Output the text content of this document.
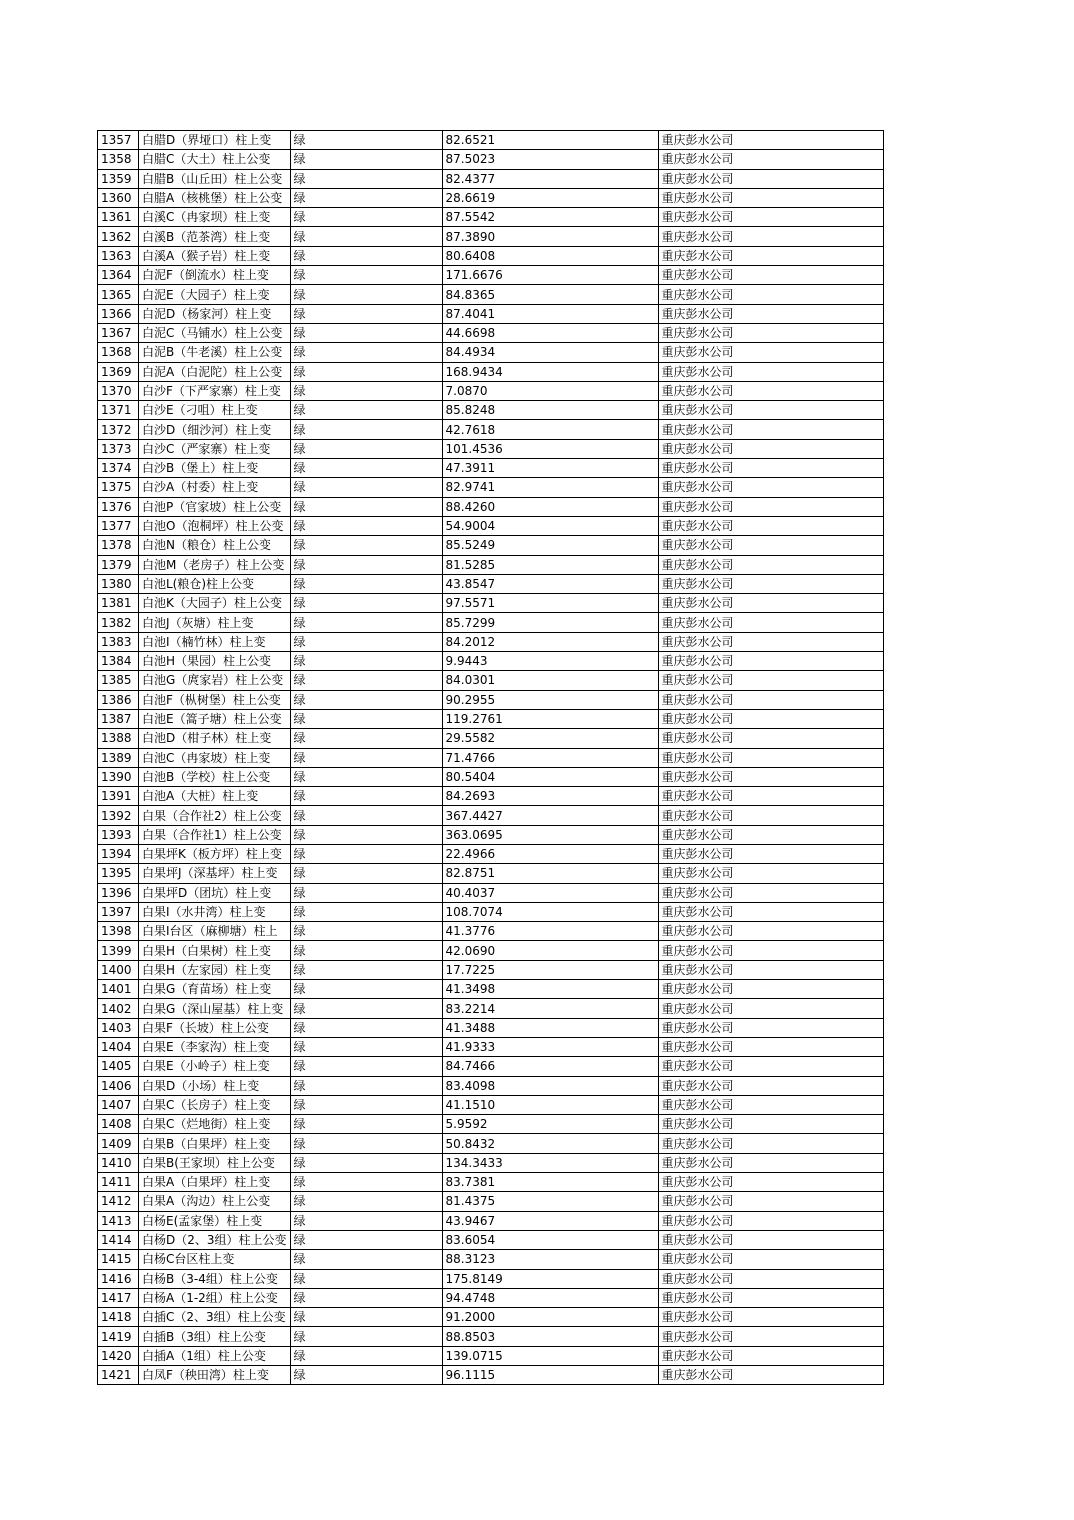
1357	白腊D（界垭口）柱上变	绿	82.6521	重庆彭水公司
1358	白腊C（大土）柱上公变	绿	87.5023	重庆彭水公司
1359	白腊B（山丘田）柱上公变	绿	82.4377	重庆彭水公司
1360	白腊A（核桃堡）柱上公变	绿	28.6619	重庆彭水公司
1361	白溪C（冉家坝）柱上变	绿	87.5542	重庆彭水公司
1362	白溪B（范茶湾）柱上变	绿	87.3890	重庆彭水公司
1363	白溪A（猴子岩）柱上变	绿	80.6408	重庆彭水公司
1364	白泥F（倒流水）柱上变	绿	171.6676	重庆彭水公司
1365	白泥E（大园子）柱上变	绿	84.8365	重庆彭水公司
1366	白泥D（杨家河）柱上变	绿	87.4041	重庆彭水公司
1367	白泥C（马铺水）柱上公变	绿	44.6698	重庆彭水公司
1368	白泥B（牛老溪）柱上公变	绿	84.4934	重庆彭水公司
1369	白泥A（白泥陀）柱上公变	绿	168.9434	重庆彭水公司
1370	白沙F（下严家寨）柱上变	绿	7.0870	重庆彭水公司
1371	白沙E（刁咀）柱上变	绿	85.8248	重庆彭水公司
1372	白沙D（细沙河）柱上变	绿	42.7618	重庆彭水公司
1373	白沙C（严家寨）柱上变	绿	101.4536	重庆彭水公司
1374	白沙B（堡上）柱上变	绿	47.3911	重庆彭水公司
1375	白沙A（村委）柱上变	绿	82.9741	重庆彭水公司
1376	白池P（官家坡）柱上公变	绿	88.4260	重庆彭水公司
1377	白池O（泡桐坪）柱上公变	绿	54.9004	重庆彭水公司
1378	白池N（粮仓）柱上公变	绿	85.5249	重庆彭水公司
1379	白池M（老房子）柱上公变	绿	81.5285	重庆彭水公司
1380	白池L(粮仓)柱上公变	绿	43.8547	重庆彭水公司
1381	白池K（大园子）柱上公变	绿	97.5571	重庆彭水公司
1382	白池J（灰塘）柱上变	绿	85.7299	重庆彭水公司
1383	白池I（楠竹林）柱上变	绿	84.2012	重庆彭水公司
1384	白池H（果园）柱上公变	绿	9.9443	重庆彭水公司
1385	白池G（庹家岩）柱上公变	绿	84.0301	重庆彭水公司
1386	白池F（枞树堡）柱上公变	绿	90.2955	重庆彭水公司
1387	白池E（篙子塘）柱上公变	绿	119.2761	重庆彭水公司
1388	白池D（柑子林）柱上变	绿	29.5582	重庆彭水公司
1389	白池C（冉家坡）柱上变	绿	71.4766	重庆彭水公司
1390	白池B（学校）柱上公变	绿	80.5404	重庆彭水公司
1391	白池A（大桩）柱上变	绿	84.2693	重庆彭水公司
1392	白果（合作社2）柱上公变	绿	367.4427	重庆彭水公司
1393	白果（合作社1）柱上公变	绿	363.0695	重庆彭水公司
1394	白果坪K（板方坪）柱上变	绿	22.4966	重庆彭水公司
1395	白果坪J（深基坪）柱上变	绿	82.8751	重庆彭水公司
1396	白果坪D（团坑）柱上变	绿	40.4037	重庆彭水公司
1397	白果I（水井湾）柱上变	绿	108.7074	重庆彭水公司
1398	白果I台区（麻柳塘）柱上	绿	41.3776	重庆彭水公司
1399	白果H（白果树）柱上变	绿	42.0690	重庆彭水公司
1400	白果H（左家园）柱上变	绿	17.7225	重庆彭水公司
1401	白果G（育苗场）柱上变	绿	41.3498	重庆彭水公司
1402	白果G（深山屋基）柱上变	绿	83.2214	重庆彭水公司
1403	白果F（长坡）柱上公变	绿	41.3488	重庆彭水公司
1404	白果E（李家沟）柱上变	绿	41.9333	重庆彭水公司
1405	白果E（小岭子）柱上变	绿	84.7466	重庆彭水公司
1406	白果D（小场）柱上变	绿	83.4098	重庆彭水公司
1407	白果C（长房子）柱上变	绿	41.1510	重庆彭水公司
1408	白果C（烂地街）柱上变	绿	5.9592	重庆彭水公司
1409	白果B（白果坪）柱上变	绿	50.8432	重庆彭水公司
1410	白果B(王家坝）柱上公变	绿	134.3433	重庆彭水公司
1411	白果A（白果坪）柱上变	绿	83.7381	重庆彭水公司
1412	白果A（沟边）柱上公变	绿	81.4375	重庆彭水公司
1413	白杨E(孟家堡）柱上变	绿	43.9467	重庆彭水公司
1414	白杨D（2、3组）柱上公变	绿	83.6054	重庆彭水公司
1415	白杨C台区柱上变	绿	88.3123	重庆彭水公司
1416	白杨B（3-4组）柱上公变	绿	175.8149	重庆彭水公司
1417	白杨A（1-2组）柱上公变	绿	94.4748	重庆彭水公司
1418	白插C（2、3组）柱上公变	绿	91.2000	重庆彭水公司
1419	白插B（3组）柱上公变	绿	88.8503	重庆彭水公司
1420	白插A（1组）柱上公变	绿	139.0715	重庆彭水公司
1421	白凤F（秧田湾）柱上变	绿	96.1115	重庆彭水公司
